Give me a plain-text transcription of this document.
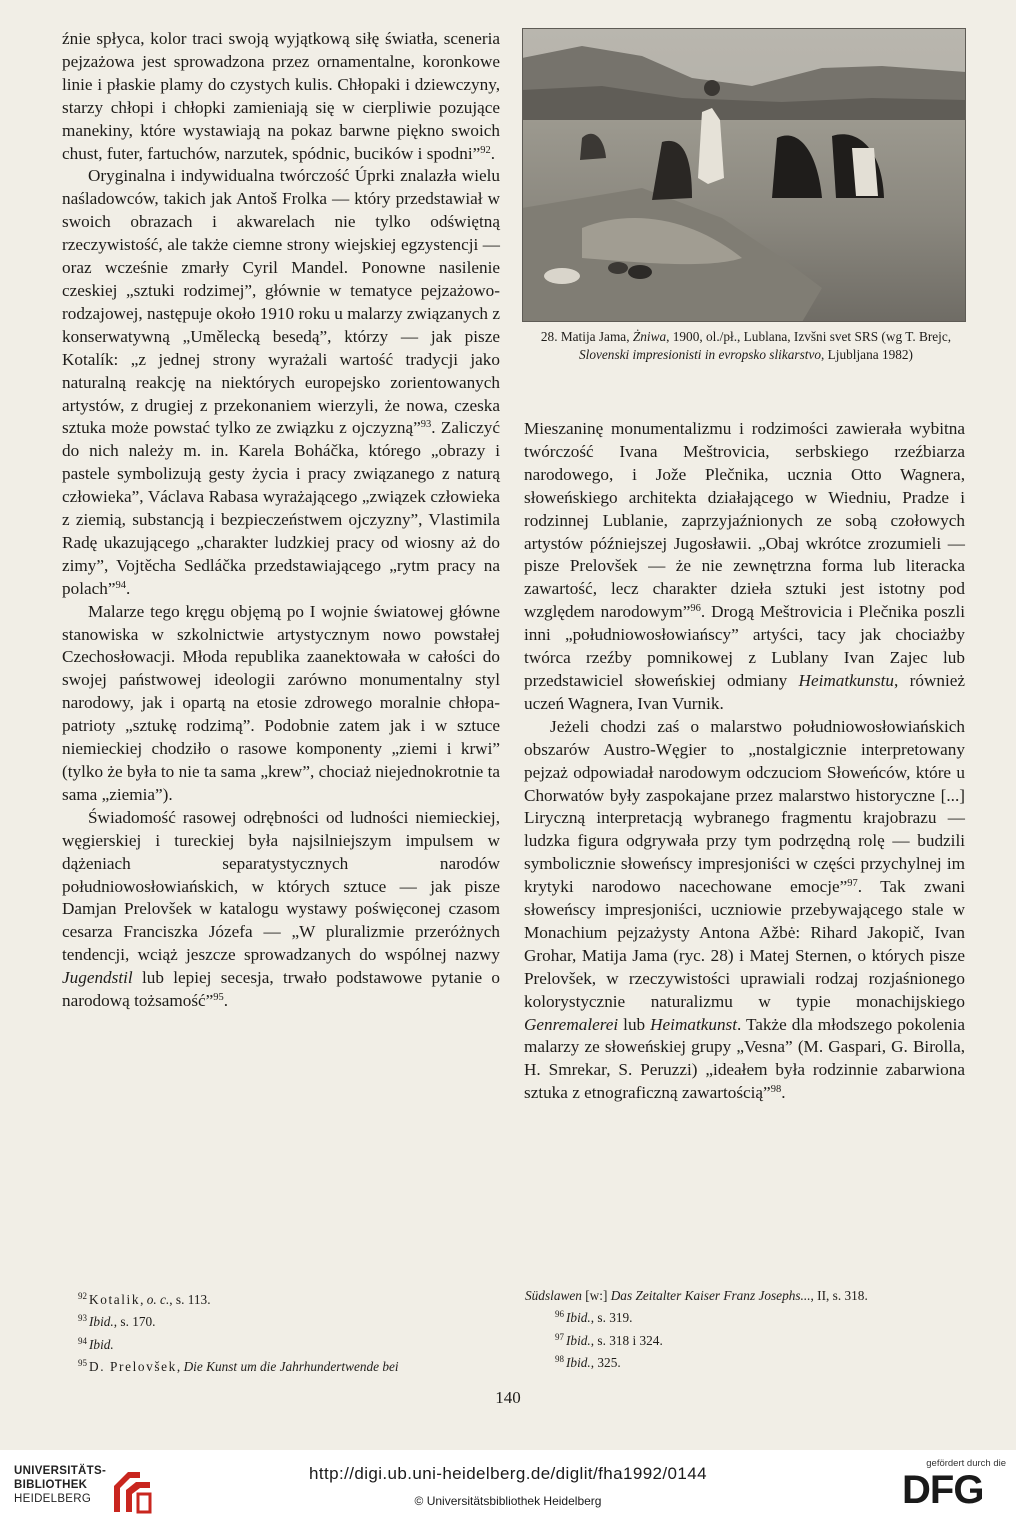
źnie spłyca, kolor traci swoją wyjątkową siłę światła, sceneria pejzażowa jest sprowadzona przez ornamentalne, koronkowe linie i płaskie plamy do czystych kulis. Chłopaki i dziewczyny, starzy chłopi i chłopki zamieniają się w cierpliwie pozujące manekiny, które wystawiają na pokaz barwne piękno swoich chust, futer, fartuchów, narzutek, spódnic, bucików i spodni”$^{92}$.

Oryginalna i indywidualna twórczość Úprki znalazła wielu naśladowców, takich jak Antoš Frolka — który przedstawiał w swoich obrazach i akwarelach nie tylko odświętną rzeczywistość, ale także ciemne strony wiejskiej egzystencji — oraz wcześnie zmarły Cyril Mandel. Ponowne nasilenie czeskiej „sztuki rodzimej”, głównie w tematyce pejzażowo-rodzajowej, następuje około 1910 roku u malarzy związanych z konserwatywną „Umělecką besedą”, którzy — jak pisze Kotalík: „z jednej strony wyrażali wartość tradycji jako naturalną reakcję na niektórych europejsko zorientowanych artystów, z drugiej z przekonaniem wierzyli, że nowa, czeska sztuka może powstać tylko ze związku z ojczyzną”$^{93}$. Zaliczyć do nich należy m. in. Karela Boháčka, którego „obrazy i pastele symbolizują gesty życia i pracy związanego z naturą człowieka”, Václava Rabasa wyrażającego „związek człowieka z ziemią, substancją i bezpieczeństwem ojczyzny”, Vlastimila Radę ukazującego „charakter ludzkiej pracy od wiosny aż do zimy”, Vojtěcha Sedláčka przedstawiającego „rytm pracy na polach”$^{94}$.

Malarze tego kręgu objęmą po I wojnie światowej główne stanowiska w szkolnictwie artystycznym nowo powstałej Czechosłowacji. Młoda republika zaanektowała w całości do swojej państwowej ideologii zarówno monumentalny styl narodowy, jak i opartą na etosie zdrowego moralnie chłopa-patrioty „sztukę rodzimą”. Podobnie zatem jak i w sztuce niemieckiej chodziło o rasowe komponenty „ziemi i krwi” (tylko że była to nie ta sama „krew”, chociaż niejednokrotnie ta sama „ziemia”).

Świadomość rasowej odrębności od ludności niemieckiej, węgierskiej i tureckiej była najsilniejszym impulsem w dążeniach separatystycznych narodów południowosłowiańskich, w których sztuce — jak pisze Damjan Prelovšek w katalogu wystawy poświęconej czasom cesarza Franciszka Józefa — „W pluralizmie przeróżnych tendencji, wciąż jeszcze sprowadzanych do wspólnej nazwy Jugendstil lub lepiej secesja, trwało podstawowe pytanie o narodową tożsamość”$^{95}$.

28. Matija Jama, Żniwa, 1900, ol./pł., Lublana, Izvšni svet SRS (wg T. Brejc, Slovenski impresionisti in evropsko slikarstvo, Ljubljana 1982)

Mieszaninę monumentalizmu i rodzimości zawierała wybitna twórczość Ivana Meštrovicia, serbskiego rzeźbiarza narodowego, i Jože Plečnika, ucznia Otto Wagnera, słoweńskiego architekta działającego w Wiedniu, Pradze i rodzinnej Lublanie, zaprzyjaźnionych ze sobą czołowych artystów późniejszej Jugosławii. „Obaj wkrótce zrozumieli — pisze Prelovšek — że nie zewnętrzna forma lub literacka zawartość, lecz charakter dzieła sztuki jest istotny pod względem narodowym”$^{96}$. Drogą Meštrovicia i Plečnika poszli inni „południowosłowiańscy” artyści, tacy jak chociażby twórca rzeźby pomnikowej z Lublany Ivan Zajec lub przedstawiciel słoweńskiej odmiany Heimatkunstu, również uczeń Wagnera, Ivan Vurnik.

Jeżeli chodzi zaś o malarstwo południowosłowiańskich obszarów Austro-Węgier to „nostalgicznie interpretowany pejzaż odpowiadał narodowym odczuciom Słoweńców, które u Chorwatów były zaspokajane przez malarstwo historyczne [...] Liryczną interpretacją wybranego fragmentu krajobrazu — ludzka figura odgrywała przy tym podrzędną rolę — budzili symbolicznie słoweńscy impresjoniści w części przychylnej im krytyki narodowo nacechowane emocje”$^{97}$. Tak zwani słoweńscy impresjoniści, uczniowie przebywającego stale w Monachium pejzażysty Antona Ažbė: Rihard Jakopič, Ivan Grohar, Matija Jama (ryc. 28) i Matej Sternen, o których pisze Prelovšek, w rzeczywistości uprawiali rodzaj rozjaśnionego kolorystycznie naturalizmu w typie monachijskiego Genremalerei lub Heimatkunst. Także dla młodszego pokolenia malarzy ze słoweńskiej grupy „Vesna” (M. Gaspari, G. Birolla, H. Smrekar, S. Peruzzi) „ideałem była rodzinnie zabarwiona sztuka z etnograficzną zawartością”$^{98}$.

$^{92}$ Kotalik, o. c., s. 113.
$^{93}$ Ibid., s. 170.
$^{94}$ Ibid.
$^{95}$ D. Prelovšek, Die Kunst um die Jahrhundertwende bei
Südslawen [w:] Das Zeitalter Kaiser Franz Josephs..., II, s. 318.
$^{96}$ Ibid., s. 319.
$^{97}$ Ibid., s. 318 i 324.
$^{98}$ Ibid., 325.
140
UNIVERSITÄTS-
BIBLIOTHEK
HEIDELBERG
http://digi.ub.uni-heidelberg.de/diglit/fha1992/0144
© Universitätsbibliothek Heidelberg
gefördert durch die
DFG
